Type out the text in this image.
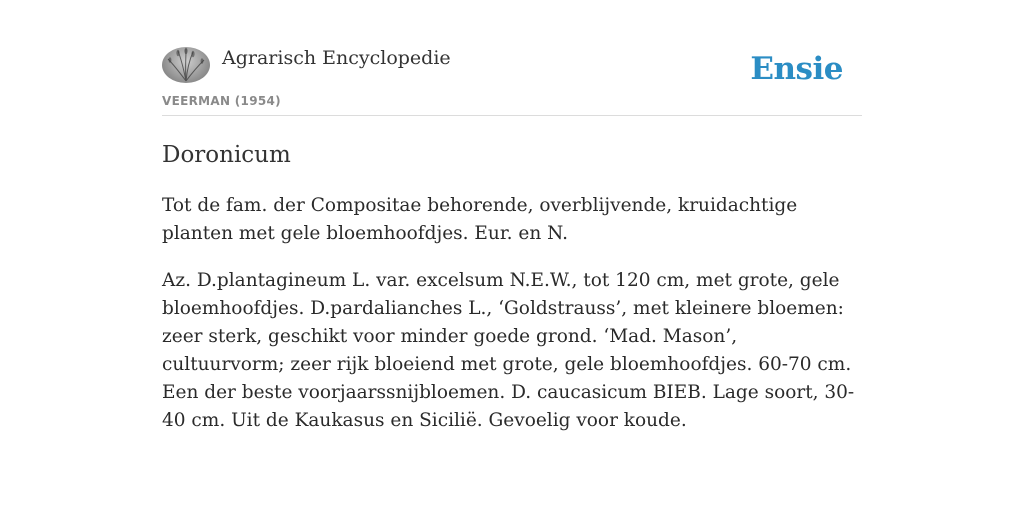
Agrarisch Encyclopedie
VEERMAN (1954)
Ensie
Doronicum

Tot de fam. der Compositae behorende, overblijvende, kruidachtige planten met gele bloemhoofdjes. Eur. en N.

Az. D.plantagineum L. var. excelsum N.E.W., tot 120 cm, met grote, gele bloemhoofdjes. D.pardalianches L., ‘Goldstrauss’, met kleinere bloemen: zeer sterk, geschikt voor minder goede grond. ‘Mad. Mason’, cultuurvorm; zeer rijk bloeiend met grote, gele bloemhoofdjes. 60-70 cm. Een der beste voorjaarssnijbloemen. D. caucasicum BIEB. Lage soort, 30-40 cm. Uit de Kaukasus en Sicilië. Gevoelig voor koude.
